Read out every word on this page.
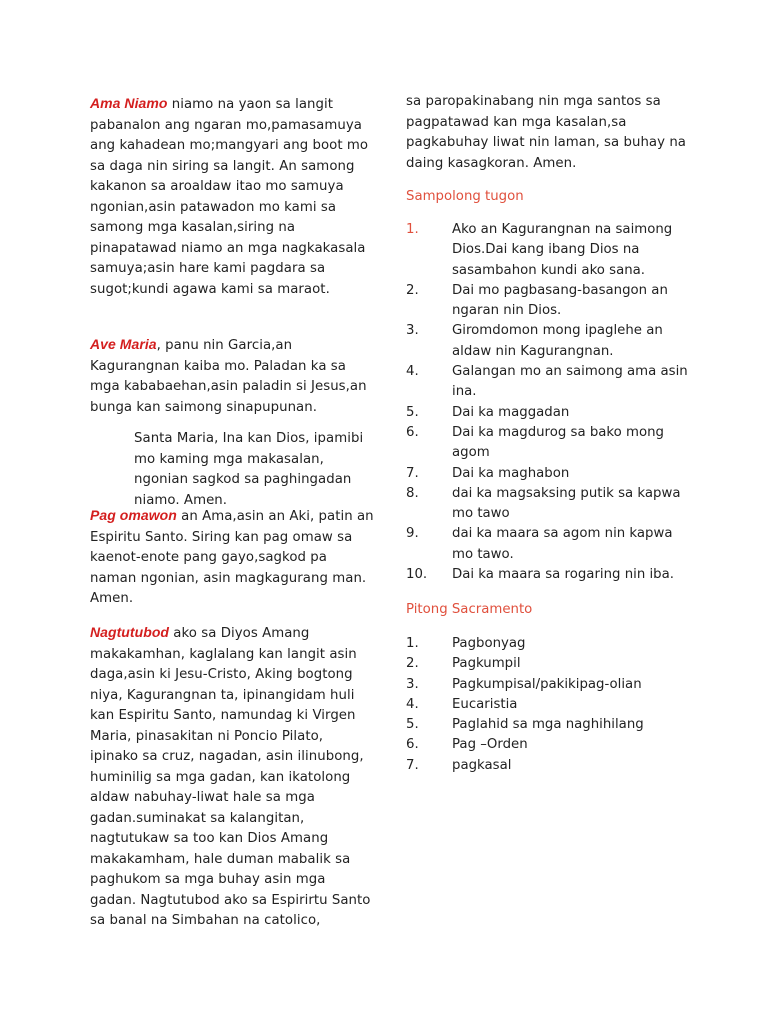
Ama Niamo niamo na yaon sa langit pabanalon ang ngaran mo,pamasamuya ang kahadean mo;mangyari ang boot mo sa daga nin siring sa langit. An samong kakanon sa aroaldaw itao mo samuya ngonian,asin patawadon mo kami sa samong mga kasalan,siring na pinapatawad niamo an mga nagkakasala samuya;asin hare kami pagdara sa sugot;kundi agawa kami sa maraot.

Ave Maria, panu nin Garcia,an Kagurangnan kaiba mo. Paladan ka sa mga kababaehan,asin paladin si Jesus,an bunga kan saimong sinapupunan.

Santa Maria, Ina kan Dios, ipamibi mo kaming mga makasalan, ngonian sagkod sa paghingadan niamo. Amen.

Pag omawon an Ama,asin an Aki, patin an Espiritu Santo. Siring kan pag omaw sa kaenot-enote pang gayo,sagkod pa naman ngonian, asin magkagurang man. Amen.

Nagtutubod ako sa Diyos Amang makakamhan, kaglalang kan langit asin daga,asin ki Jesu-Cristo, Aking bogtong niya, Kagurangnan ta, ipinangidam huli kan Espiritu Santo, namundag ki Virgen Maria, pinasakitan ni Poncio Pilato, ipinako sa cruz, nagadan, asin ilinubong, huminilig sa mga gadan, kan ikatolong aldaw nabuhay-liwat hale sa mga gadan.suminakat sa kalangitan, nagtutukaw sa too kan Dios Amang makakamham, hale duman mabalik sa paghukom sa mga buhay asin mga gadan. Nagtutubod ako sa Espirirtu Santo sa banal na Simbahan na catolico,

sa paropakinabang nin mga santos sa pagpatawad kan mga kasalan,sa pagkabuhay liwat nin laman, sa buhay na daing kasagkoran. Amen.

Sampolong tugon
1.	Ako an Kagurangnan na saimong Dios.Dai kang ibang Dios na sasambahon kundi ako sana.
2.	Dai mo pagbasang-basangon an ngaran nin Dios.
3.	Giromdomon mong ipaglehe an aldaw nin Kagurangnan.
4.	Galangan mo an saimong ama asin ina.
5.	Dai ka maggadan
6.	Dai ka magdurog sa bako mong agom
7.	Dai ka maghabon
8.	dai ka magsaksing putik sa kapwa mo tawo
9.	dai ka maara sa agom nin kapwa mo tawo.
10.	Dai ka maara sa rogaring nin iba.
Pitong Sacramento
1.	Pagbonyag
2.	Pagkumpil
3.	Pagkumpisal/pakikipag-olian
4.	Eucaristia
5.	Paglahid sa mga naghihilang
6.	Pag –Orden
7.	pagkasal
